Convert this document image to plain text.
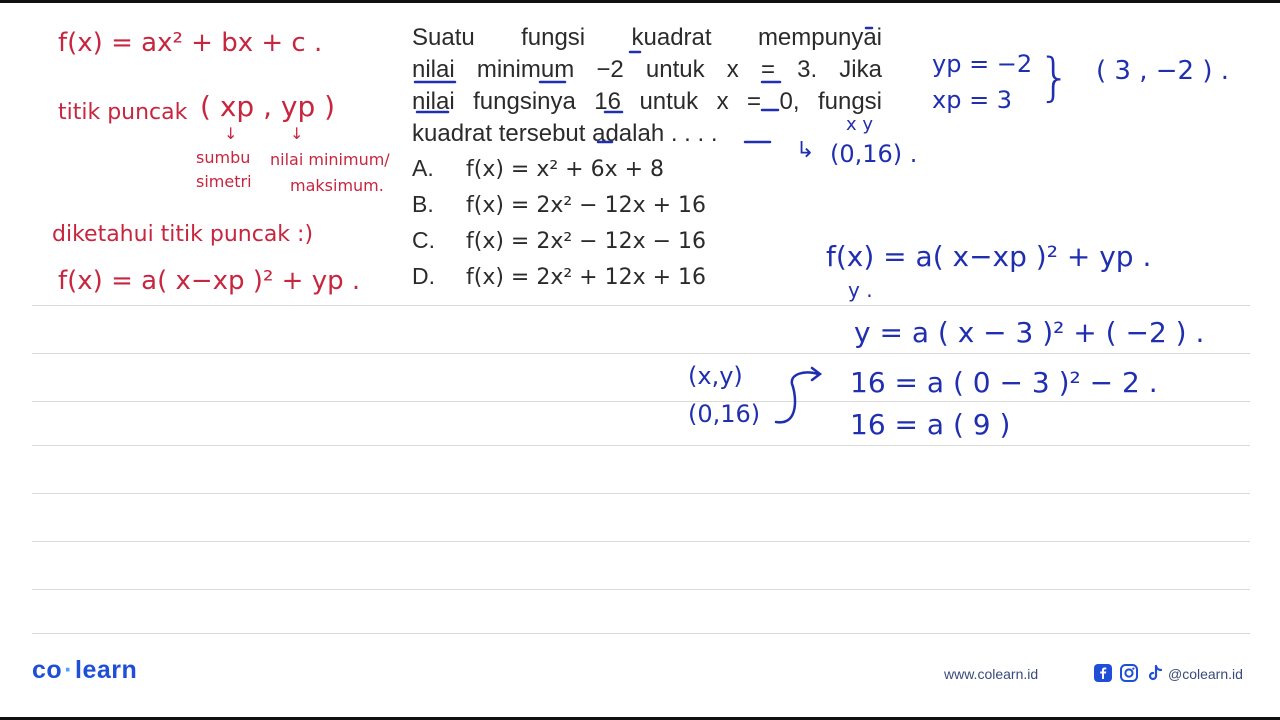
Suatu fungsi kuadrat mempunyai
nilai minimum −2 untuk x = 3. Jika
nilai fungsinya 16 untuk x = 0, fungsi
kuadrat tersebut adalah . . . .
A. f(x) = x² + 6x + 8
B. f(x) = 2x² − 12x + 16
C. f(x) = 2x² − 12x − 16
D. f(x) = 2x² + 12x + 16
f(x) = ax² + bx + c .
titik puncak ( xp , yp )
↓	↓
sumbu
simetri
nilai minimum/
maksimum.
diketahui titik puncak :)
f(x) = a( x−xp )² + yp .
yp = −2
xp = 3 } ( 3 , −2 ) .
x y
↳ (0,16) .
f(x) = a( x−xp )² + yp .
y .
y = a ( x − 3 )² + ( −2 ) .
16 = a ( 0 − 3 )² − 2 .
16 = a ( 9 )
(x,y)
(0,16)
co·learn	www.colearn.id	@colearn.id
